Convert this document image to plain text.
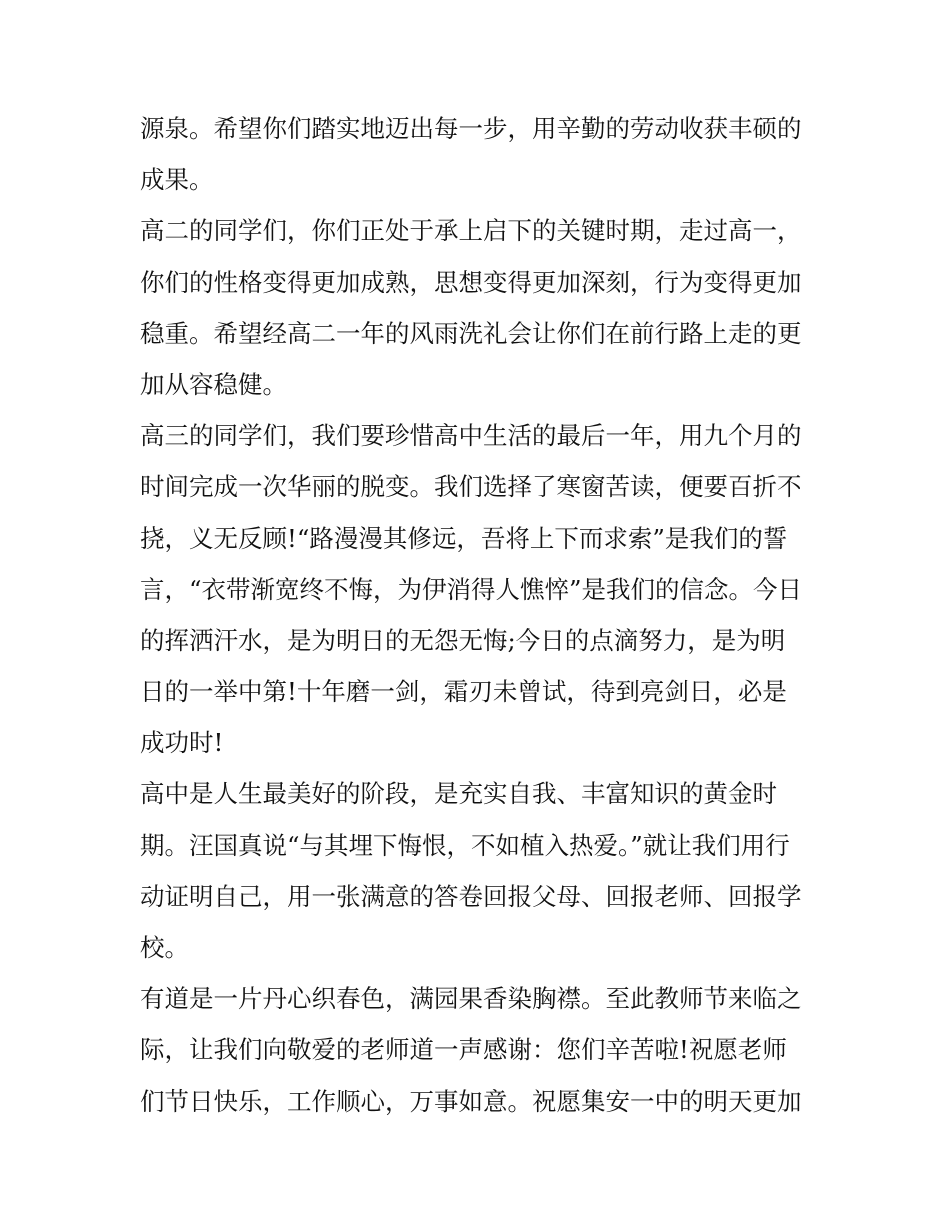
源泉。希望你们踏实地迈出每一步，用辛勤的劳动收获丰硕的
成果。
高二的同学们，你们正处于承上启下的关键时期，走过高一，
你们的性格变得更加成熟，思想变得更加深刻，行为变得更加
稳重。希望经高二一年的风雨洗礼会让你们在前行路上走的更
加从容稳健。
高三的同学们，我们要珍惜高中生活的最后一年，用九个月的
时间完成一次华丽的脱变。我们选择了寒窗苦读，便要百折不
挠，义无反顾!“路漫漫其修远，吾将上下而求索”是我们的誓
言，“衣带渐宽终不悔，为伊消得人憔悴”是我们的信念。今日
的挥洒汗水，是为明日的无怨无悔;今日的点滴努力，是为明
日的一举中第!十年磨一剑，霜刃未曾试，待到亮剑日，必是
成功时!
高中是人生最美好的阶段，是充实自我、丰富知识的黄金时
期。汪国真说“与其埋下悔恨，不如植入热爱。”就让我们用行
动证明自己，用一张满意的答卷回报父母、回报老师、回报学
校。
有道是一片丹心织春色，满园果香染胸襟。至此教师节来临之
际，让我们向敬爱的老师道一声感谢：您们辛苦啦!祝愿老师
们节日快乐，工作顺心，万事如意。祝愿集安一中的明天更加
